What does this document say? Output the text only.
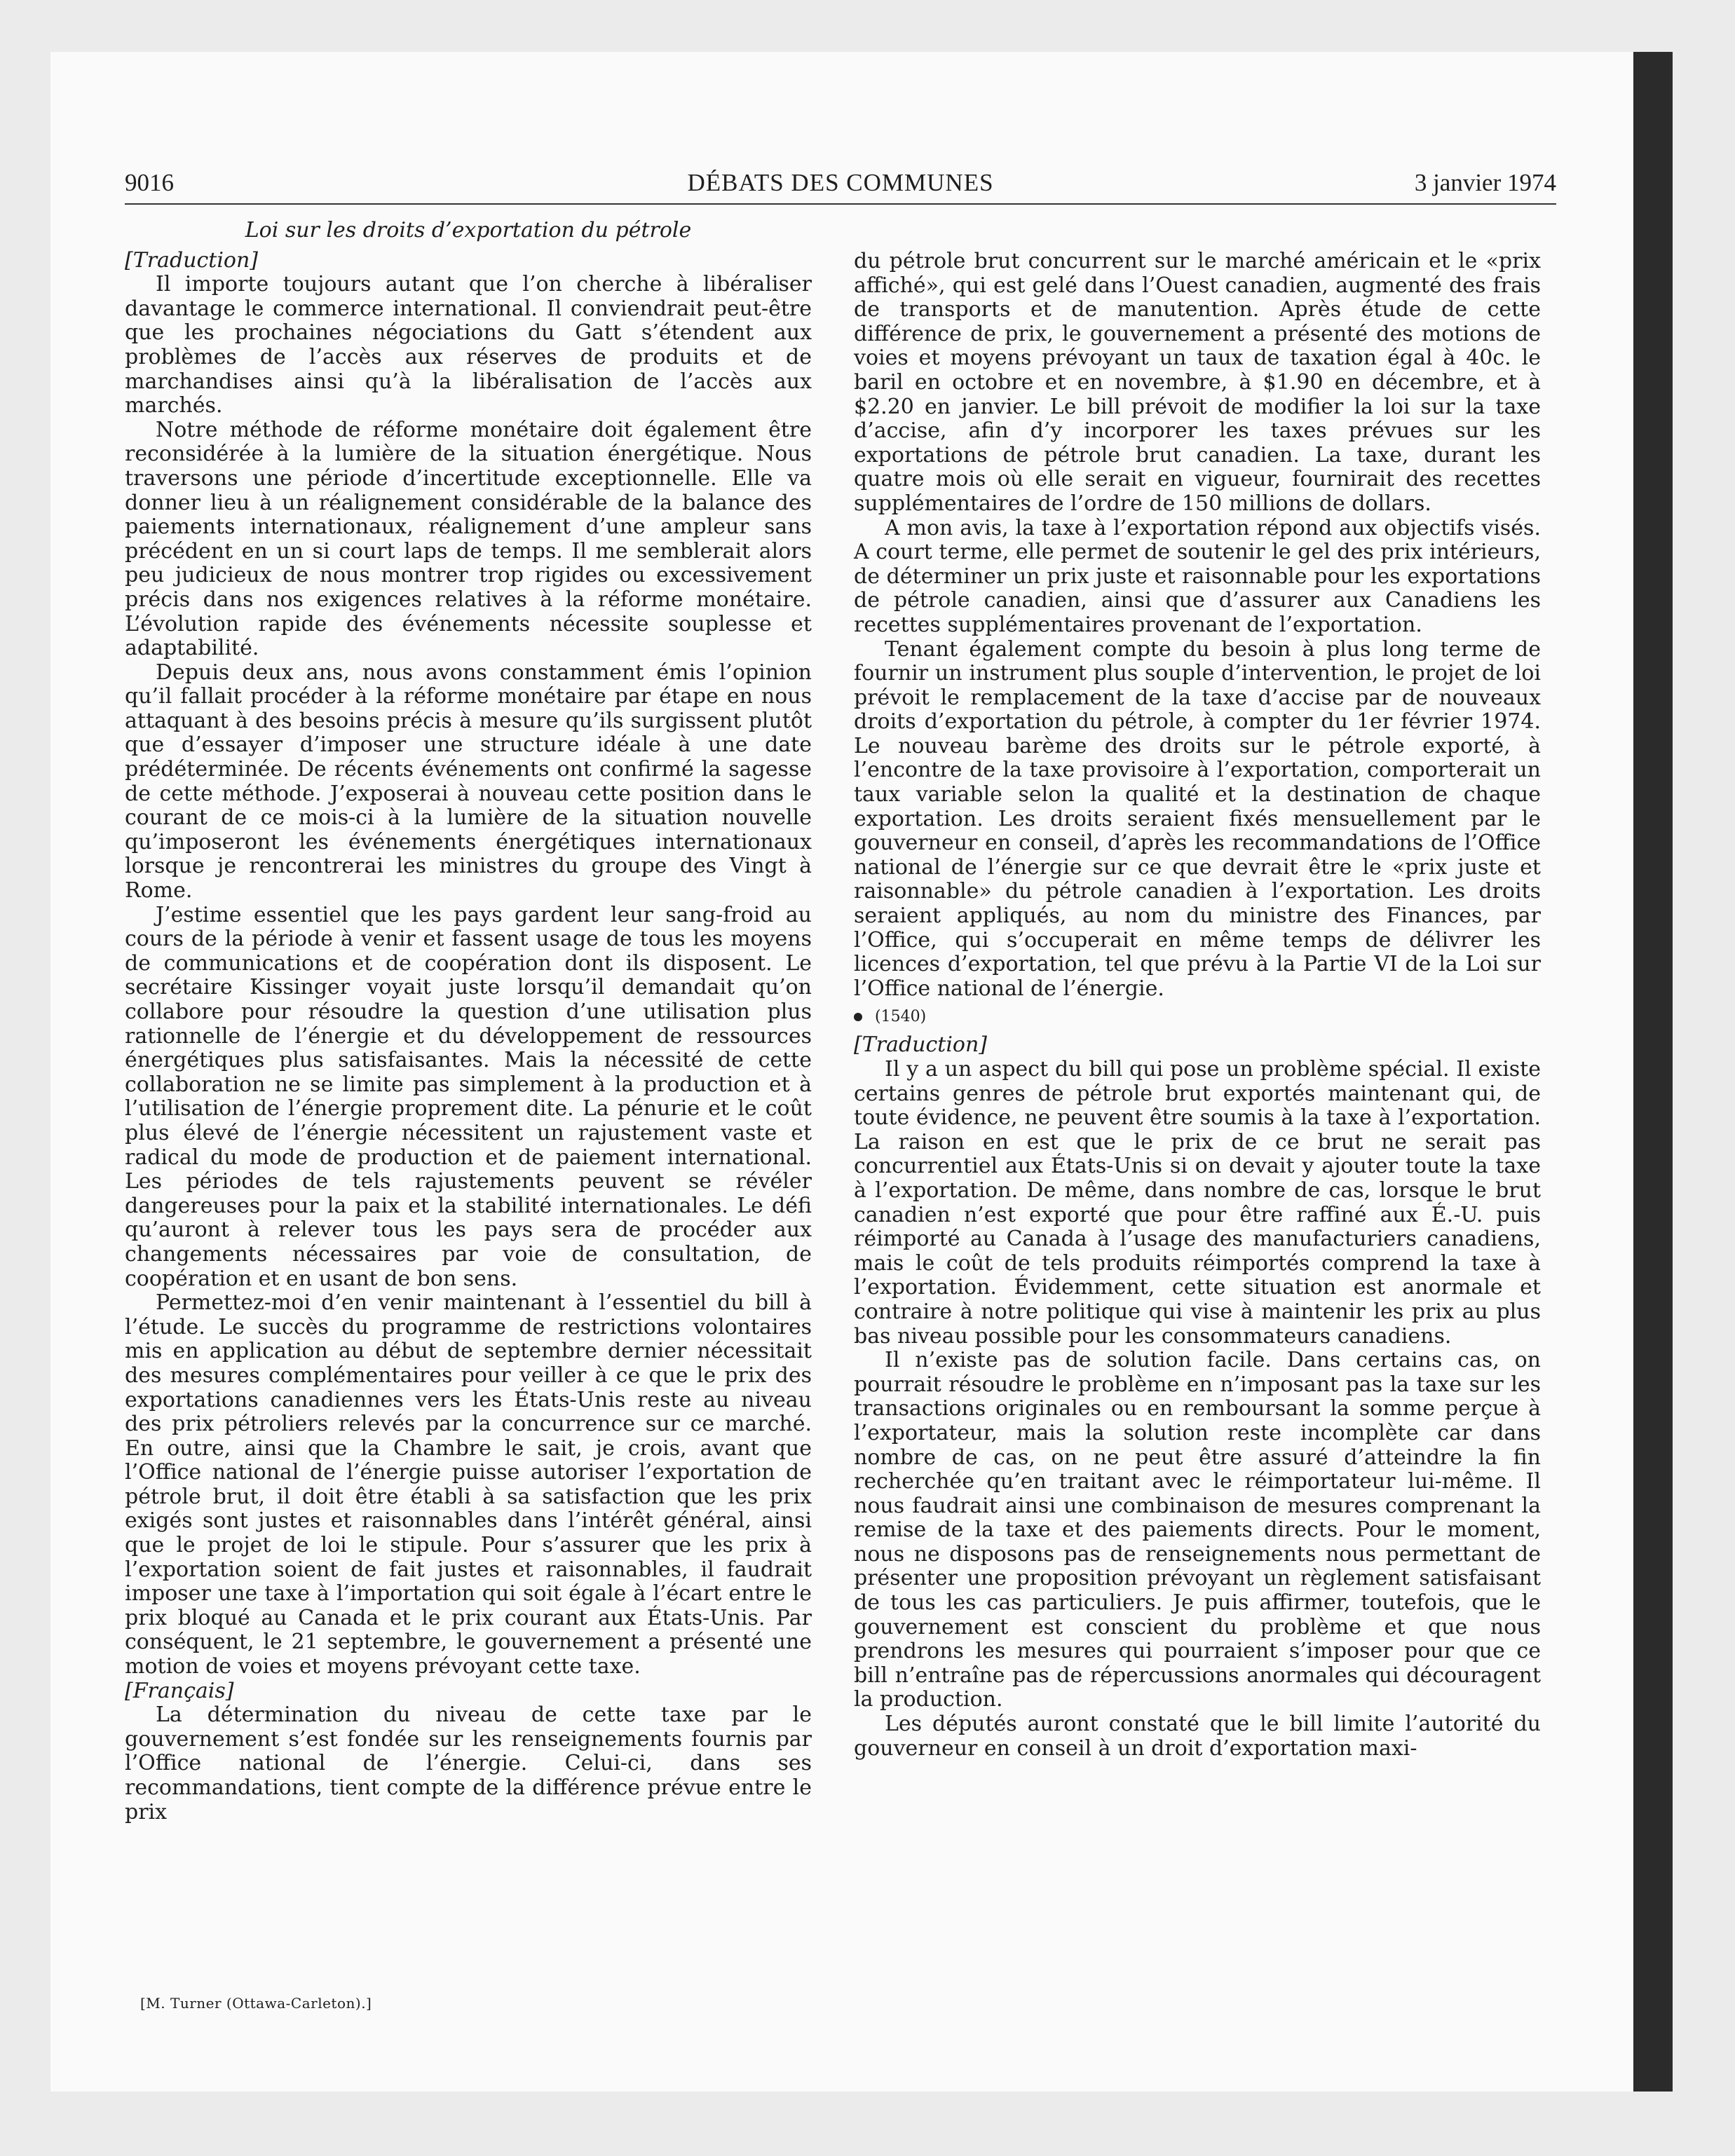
9016	DÉBATS DES COMMUNES	3 janvier 1974

Loi sur les droits d’exportation du pétrole

[Traduction]

Il importe toujours autant que l’on cherche à libéraliser davantage le commerce international. Il conviendrait peut-être que les prochaines négociations du Gatt s’étendent aux problèmes de l’accès aux réserves de produits et de marchandises ainsi qu’à la libéralisation de l’accès aux marchés.

Notre méthode de réforme monétaire doit également être reconsidérée à la lumière de la situation énergétique. Nous traversons une période d’incertitude exceptionnelle. Elle va donner lieu à un réalignement considérable de la balance des paiements internationaux, réalignement d’une ampleur sans précédent en un si court laps de temps. Il me semblerait alors peu judicieux de nous montrer trop rigides ou excessivement précis dans nos exigences relatives à la réforme monétaire. L’évolution rapide des événements nécessite souplesse et adaptabilité.

Depuis deux ans, nous avons constamment émis l’opinion qu’il fallait procéder à la réforme monétaire par étape en nous attaquant à des besoins précis à mesure qu’ils surgissent plutôt que d’essayer d’imposer une structure idéale à une date prédéterminée. De récents événements ont confirmé la sagesse de cette méthode. J’exposerai à nouveau cette position dans le courant de ce mois-ci à la lumière de la situation nouvelle qu’imposeront les événements énergétiques internationaux lorsque je rencontrerai les ministres du groupe des Vingt à Rome.

J’estime essentiel que les pays gardent leur sang-froid au cours de la période à venir et fassent usage de tous les moyens de communications et de coopération dont ils disposent. Le secrétaire Kissinger voyait juste lorsqu’il demandait qu’on collabore pour résoudre la question d’une utilisation plus rationnelle de l’énergie et du développement de ressources énergétiques plus satisfaisantes. Mais la nécessité de cette collaboration ne se limite pas simplement à la production et à l’utilisation de l’énergie proprement dite. La pénurie et le coût plus élevé de l’énergie nécessitent un rajustement vaste et radical du mode de production et de paiement international. Les périodes de tels rajustements peuvent se révéler dangereuses pour la paix et la stabilité internationales. Le défi qu’auront à relever tous les pays sera de procéder aux changements nécessaires par voie de consultation, de coopération et en usant de bon sens.

Permettez-moi d’en venir maintenant à l’essentiel du bill à l’étude. Le succès du programme de restrictions volontaires mis en application au début de septembre dernier nécessitait des mesures complémentaires pour veiller à ce que le prix des exportations canadiennes vers les États-Unis reste au niveau des prix pétroliers relevés par la concurrence sur ce marché. En outre, ainsi que la Chambre le sait, je crois, avant que l’Office national de l’énergie puisse autoriser l’exportation de pétrole brut, il doit être établi à sa satisfaction que les prix exigés sont justes et raisonnables dans l’intérêt général, ainsi que le projet de loi le stipule. Pour s’assurer que les prix à l’exportation soient de fait justes et raisonnables, il faudrait imposer une taxe à l’importation qui soit égale à l’écart entre le prix bloqué au Canada et le prix courant aux États-Unis. Par conséquent, le 21 septembre, le gouvernement a présenté une motion de voies et moyens prévoyant cette taxe.

[Français]

La détermination du niveau de cette taxe par le gouvernement s’est fondée sur les renseignements fournis par l’Office national de l’énergie. Celui-ci, dans ses recommandations, tient compte de la différence prévue entre le prix

du pétrole brut concurrent sur le marché américain et le «prix affiché», qui est gelé dans l’Ouest canadien, augmenté des frais de transports et de manutention. Après étude de cette différence de prix, le gouvernement a présenté des motions de voies et moyens prévoyant un taux de taxation égal à 40c. le baril en octobre et en novembre, à $1.90 en décembre, et à $2.20 en janvier. Le bill prévoit de modifier la loi sur la taxe d’accise, afin d’y incorporer les taxes prévues sur les exportations de pétrole brut canadien. La taxe, durant les quatre mois où elle serait en vigueur, fournirait des recettes supplémentaires de l’ordre de 150 millions de dollars.

A mon avis, la taxe à l’exportation répond aux objectifs visés. A court terme, elle permet de soutenir le gel des prix intérieurs, de déterminer un prix juste et raisonnable pour les exportations de pétrole canadien, ainsi que d’assurer aux Canadiens les recettes supplémentaires provenant de l’exportation.

Tenant également compte du besoin à plus long terme de fournir un instrument plus souple d’intervention, le projet de loi prévoit le remplacement de la taxe d’accise par de nouveaux droits d’exportation du pétrole, à compter du 1er février 1974. Le nouveau barème des droits sur le pétrole exporté, à l’encontre de la taxe provisoire à l’exportation, comporterait un taux variable selon la qualité et la destination de chaque exportation. Les droits seraient fixés mensuellement par le gouverneur en conseil, d’après les recommandations de l’Office national de l’énergie sur ce que devrait être le «prix juste et raisonnable» du pétrole canadien à l’exportation. Les droits seraient appliqués, au nom du ministre des Finances, par l’Office, qui s’occuperait en même temps de délivrer les licences d’exportation, tel que prévu à la Partie VI de la Loi sur l’Office national de l’énergie.

(1540)

[Traduction]

Il y a un aspect du bill qui pose un problème spécial. Il existe certains genres de pétrole brut exportés maintenant qui, de toute évidence, ne peuvent être soumis à la taxe à l’exportation. La raison en est que le prix de ce brut ne serait pas concurrentiel aux États-Unis si on devait y ajouter toute la taxe à l’exportation. De même, dans nombre de cas, lorsque le brut canadien n’est exporté que pour être raffiné aux É.-U. puis réimporté au Canada à l’usage des manufacturiers canadiens, mais le coût de tels produits réimportés comprend la taxe à l’exportation. Évidemment, cette situation est anormale et contraire à notre politique qui vise à maintenir les prix au plus bas niveau possible pour les consommateurs canadiens.

Il n’existe pas de solution facile. Dans certains cas, on pourrait résoudre le problème en n’imposant pas la taxe sur les transactions originales ou en remboursant la somme perçue à l’exportateur, mais la solution reste incomplète car dans nombre de cas, on ne peut être assuré d’atteindre la fin recherchée qu’en traitant avec le réimportateur lui-même. Il nous faudrait ainsi une combinaison de mesures comprenant la remise de la taxe et des paiements directs. Pour le moment, nous ne disposons pas de renseignements nous permettant de présenter une proposition prévoyant un règlement satisfaisant de tous les cas particuliers. Je puis affirmer, toutefois, que le gouvernement est conscient du problème et que nous prendrons les mesures qui pourraient s’imposer pour que ce bill n’entraîne pas de répercussions anormales qui découragent la production.

Les députés auront constaté que le bill limite l’autorité du gouverneur en conseil à un droit d’exportation maxi-

[M. Turner (Ottawa-Carleton).]
